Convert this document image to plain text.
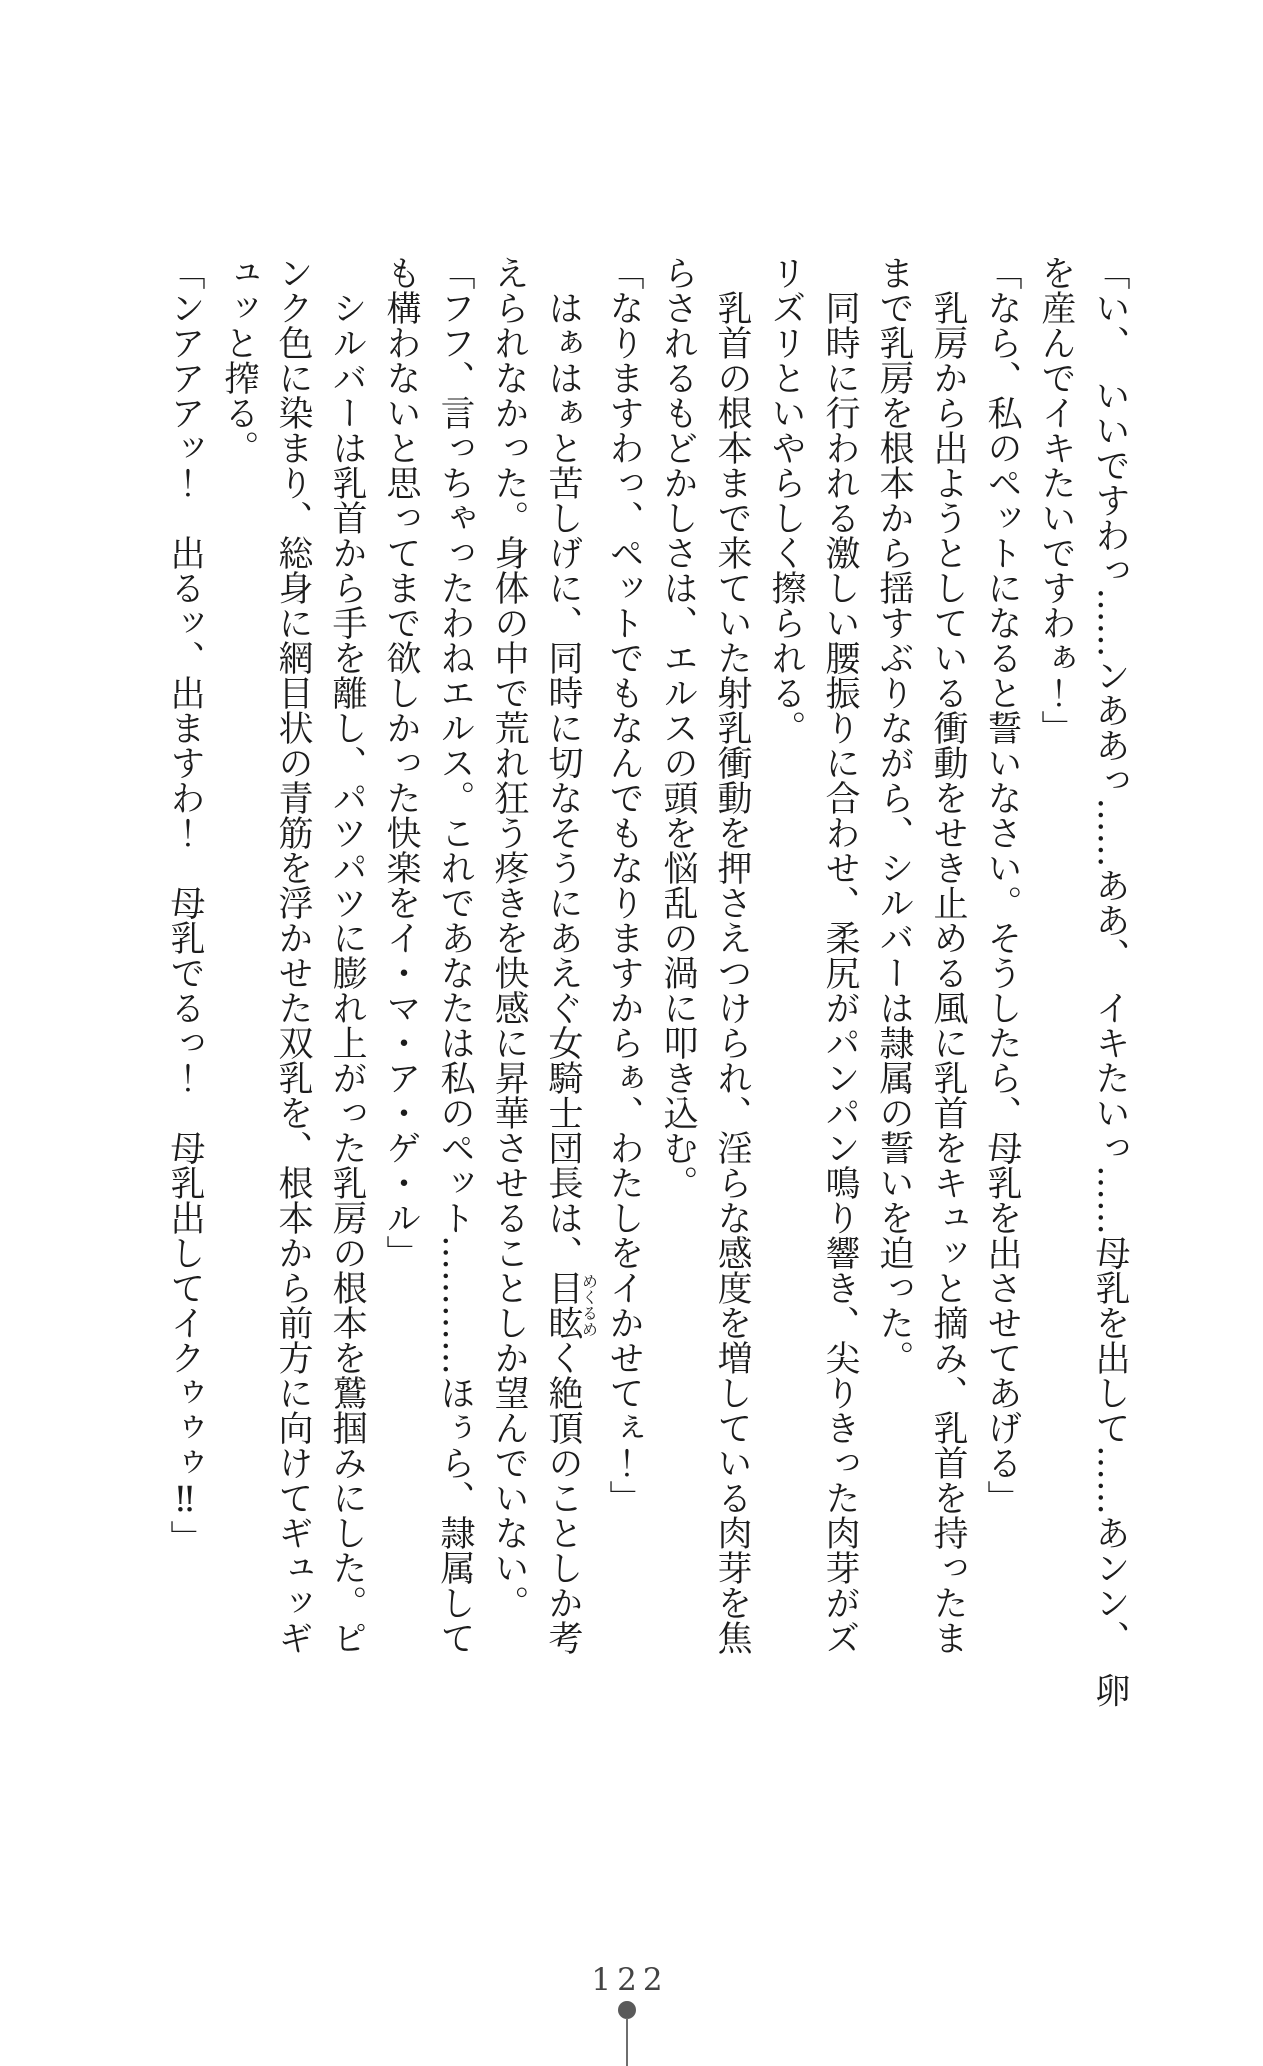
「い、　いいですわっ……ンああっ……ああ、　イキたいっ……母乳を出して……あンン、　卵

を産んでイキたいですわぁ！」

「なら、私のペットになると誓いなさい。そうしたら、母乳を出させてあげる」

　乳房から出ようとしている衝動をせき止める風に乳首をキュッと摘み、乳首を持ったま

まで乳房を根本から揺すぶりながら、シルバーは隷属の誓いを迫った。

　同時に行われる激しい腰振りに合わせ、柔尻がパンパン鳴り響き、尖りきった肉芽がズ

リズリといやらしく擦られる。

　乳首の根本まで来ていた射乳衝動を押さえつけられ、淫らな感度を増している肉芽を焦

らされるもどかしさは、エルスの頭を悩乱の渦に叩き込む。

「なりますわっ、ペットでもなんでもなりますからぁ、わたしをイかせてぇ！」

　はぁはぁと苦しげに、同時に切なそうにあえぐ女騎士団長は、目眩めくるめく絶頂のことしか考

えられなかった。身体の中で荒れ狂う疼きを快感に昇華させることしか望んでいない。

「フフ、言っちゃったわねエルス。これであなたは私のペット…………ほぅら、隷属して

も構わないと思ってまで欲しかった快楽をイ・マ・ア・ゲ・ル」

　シルバーは乳首から手を離し、パツパツに膨れ上がった乳房の根本を鷲掴みにした。ピ

ンク色に染まり、総身に網目状の青筋を浮かせた双乳を、根本から前方に向けてギュッギ

ュッと搾る。

「ンアアアッ！　出るッ、出ますわ！　母乳でるっ！　母乳出してイクゥゥゥ‼」

122
